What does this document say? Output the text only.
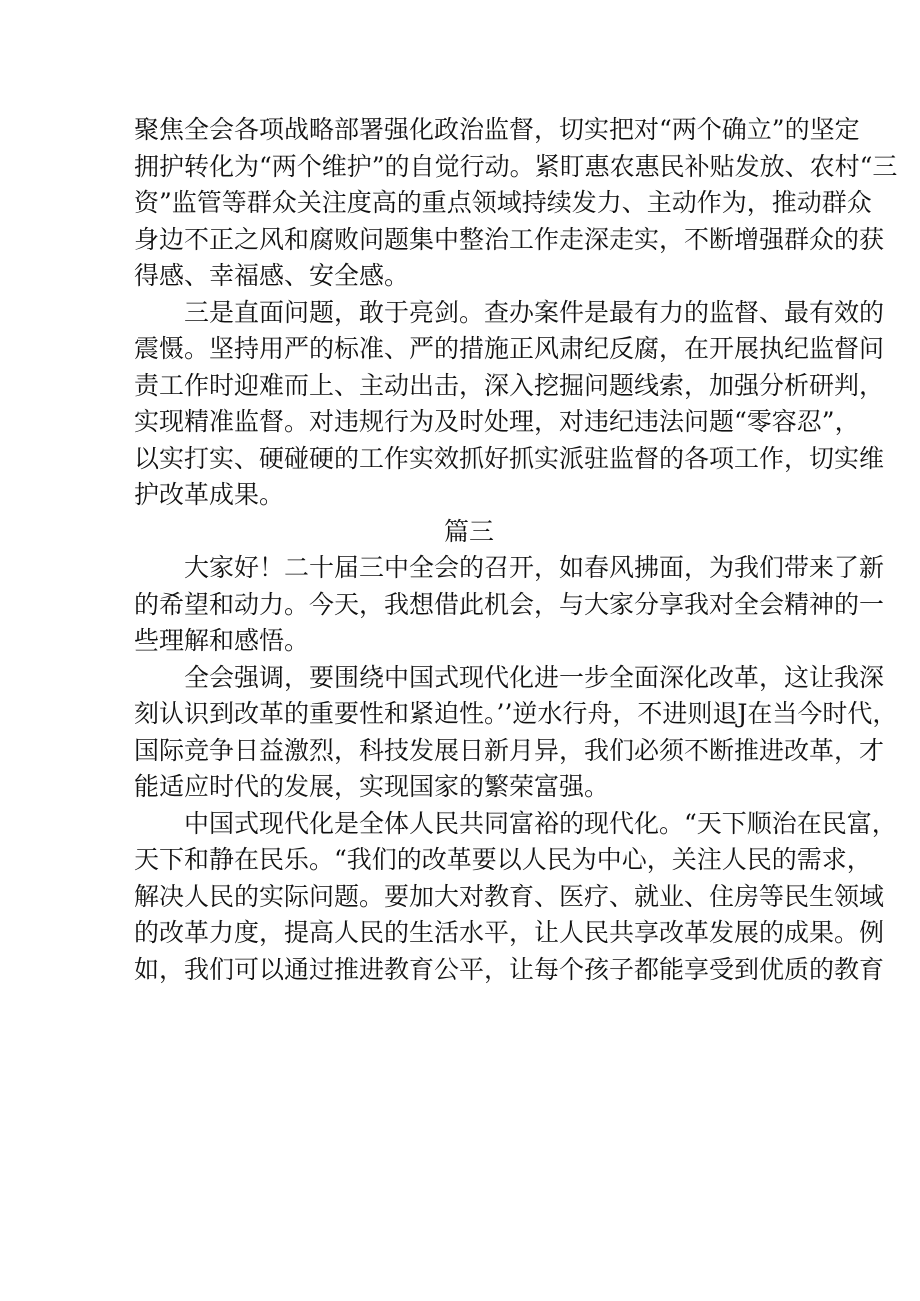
聚焦全会各项战略部署强化政治监督，切实把对“两个确立”的坚定
拥护转化为“两个维护”的自觉行动。紧盯惠农惠民补贴发放、农村“三
资”监管等群众关注度高的重点领域持续发力、主动作为，推动群众
身边不正之风和腐败问题集中整治工作走深走实，不断增强群众的获
得感、幸福感、安全感。
三是直面问题，敢于亮剑。查办案件是最有力的监督、最有效的
震慑。坚持用严的标准、严的措施正风肃纪反腐，在开展执纪监督问
责工作时迎难而上、主动出击，深入挖掘问题线索，加强分析研判，
实现精准监督。对违规行为及时处理，对违纪违法问题“零容忍”，
以实打实、硬碰硬的工作实效抓好抓实派驻监督的各项工作，切实维
护改革成果。
篇三
大家好！二十届三中全会的召开，如春风拂面，为我们带来了新
的希望和动力。今天，我想借此机会，与大家分享我对全会精神的一
些理解和感悟。
全会强调，要围绕中国式现代化进一步全面深化改革，这让我深
刻认识到改革的重要性和紧迫性。’’逆水行舟，不进则退J在当今时代，
国际竞争日益激烈，科技发展日新月异，我们必须不断推进改革，才
能适应时代的发展，实现国家的繁荣富强。
中国式现代化是全体人民共同富裕的现代化。“天下顺治在民富，
天下和静在民乐。“我们的改革要以人民为中心，关注人民的需求，
解决人民的实际问题。要加大对教育、医疗、就业、住房等民生领域
的改革力度，提高人民的生活水平，让人民共享改革发展的成果。例
如，我们可以通过推进教育公平，让每个孩子都能享受到优质的教育
